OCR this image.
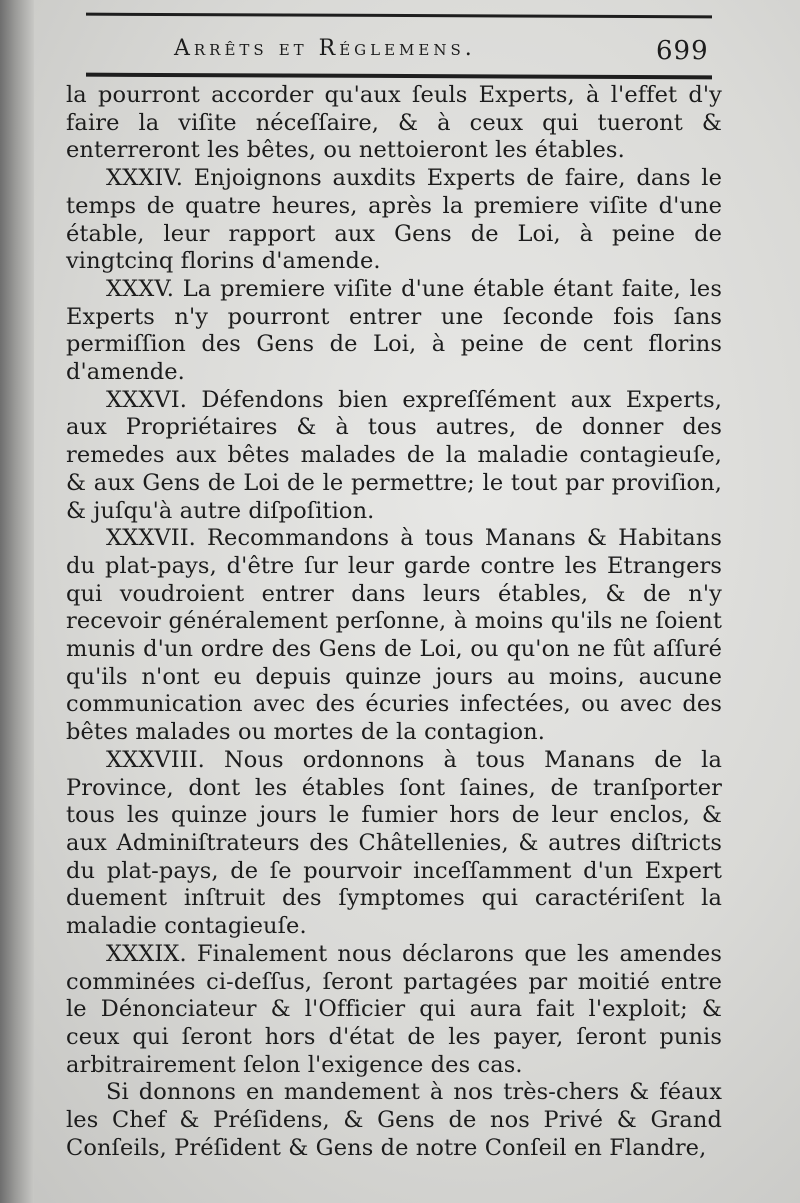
Arrêts et Réglemens.	699

la pourront accorder qu'aux ſeuls Experts, à l'effet d'y faire la viſite néceſſaire, & à ceux qui tueront & enterreront les bêtes, ou nettoieront les étables.

XXXIV. Enjoignons auxdits Experts de faire, dans le temps de quatre heures, après la premiere viſite d'une étable, leur rapport aux Gens de Loi, à peine de vingtcinq florins d'amende.

XXXV. La premiere viſite d'une étable étant faite, les Experts n'y pourront entrer une ſeconde fois ſans permiſſion des Gens de Loi, à peine de cent florins d'amende.

XXXVI. Défendons bien expreſſément aux Experts, aux Propriétaires & à tous autres, de donner des remedes aux bêtes malades de la maladie contagieuſe, & aux Gens de Loi de le permettre; le tout par proviſion, & juſqu'à autre diſpoſition.

XXXVII. Recommandons à tous Manans & Habitans du plat-pays, d'être ſur leur garde contre les Etrangers qui voudroient entrer dans leurs étables, & de n'y recevoir généralement perſonne, à moins qu'ils ne ſoient munis d'un ordre des Gens de Loi, ou qu'on ne fût aſſuré qu'ils n'ont eu depuis quinze jours au moins, aucune communication avec des écuries infectées, ou avec des bêtes malades ou mortes de la contagion.

XXXVIII. Nous ordonnons à tous Manans de la Province, dont les étables ſont ſaines, de tranſporter tous les quinze jours le fumier hors de leur enclos, & aux Adminiſtrateurs des Châtellenies, & autres diſtricts du plat-pays, de ſe pourvoir inceſſamment d'un Expert duement inſtruit des ſymptomes qui caractériſent la maladie contagieuſe.

XXXIX. Finalement nous déclarons que les amendes comminées ci-deſſus, ſeront partagées par moitié entre le Dénonciateur & l'Officier qui aura fait l'exploit; & ceux qui ſeront hors d'état de les payer, ſeront punis arbitrairement ſelon l'exigence des cas.

Si donnons en mandement à nos très-chers & féaux les Chef & Préſidens, & Gens de nos Privé & Grand Conſeils, Préſident & Gens de notre Conſeil en Flandre,
